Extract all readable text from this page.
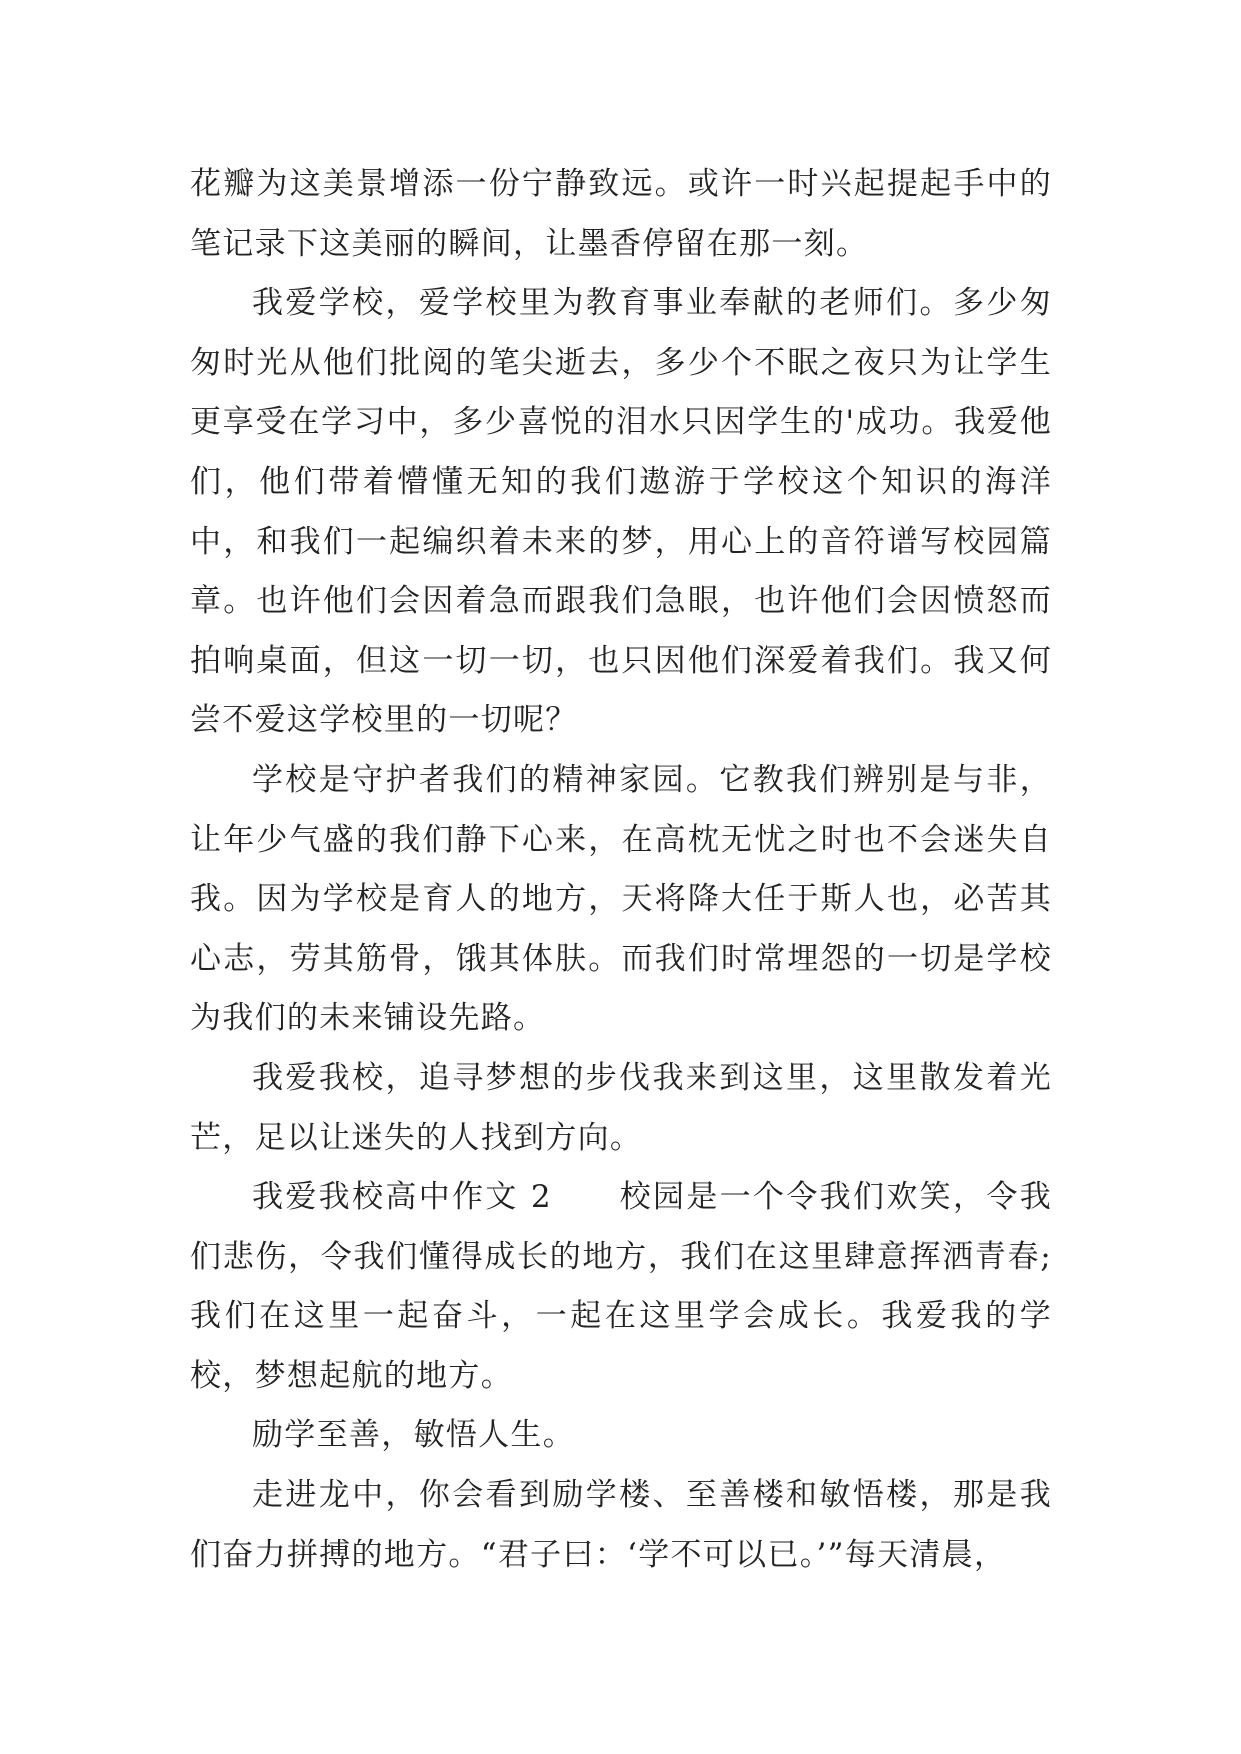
花瓣为这美景增添一份宁静致远。或许一时兴起提起手中的笔记录下这美丽的瞬间，让墨香停留在那一刻。

我爱学校，爱学校里为教育事业奉献的老师们。多少匆匆时光从他们批阅的笔尖逝去，多少个不眠之夜只为让学生更享受在学习中，多少喜悦的泪水只因学生的'成功。我爱他们，他们带着懵懂无知的我们遨游于学校这个知识的海洋中，和我们一起编织着未来的梦，用心上的音符谱写校园篇章。也许他们会因着急而跟我们急眼，也许他们会因愤怒而拍响桌面，但这一切一切，也只因他们深爱着我们。我又何尝不爱这学校里的一切呢？

学校是守护者我们的精神家园。它教我们辨别是与非，让年少气盛的我们静下心来，在高枕无忧之时也不会迷失自我。因为学校是育人的地方，天将降大任于斯人也，必苦其心志，劳其筋骨，饿其体肤。而我们时常埋怨的一切是学校为我们的未来铺设先路。

我爱我校，追寻梦想的步伐我来到这里，这里散发着光芒，足以让迷失的人找到方向。

我爱我校高中作文 2　　校园是一个令我们欢笑，令我们悲伤，令我们懂得成长的地方，我们在这里肆意挥洒青春;我们在这里一起奋斗，一起在这里学会成长。我爱我的学校，梦想起航的地方。

励学至善，敏悟人生。

走进龙中，你会看到励学楼、至善楼和敏悟楼，那是我们奋力拼搏的地方。“君子曰：‘学不可以已。’”每天清晨，
